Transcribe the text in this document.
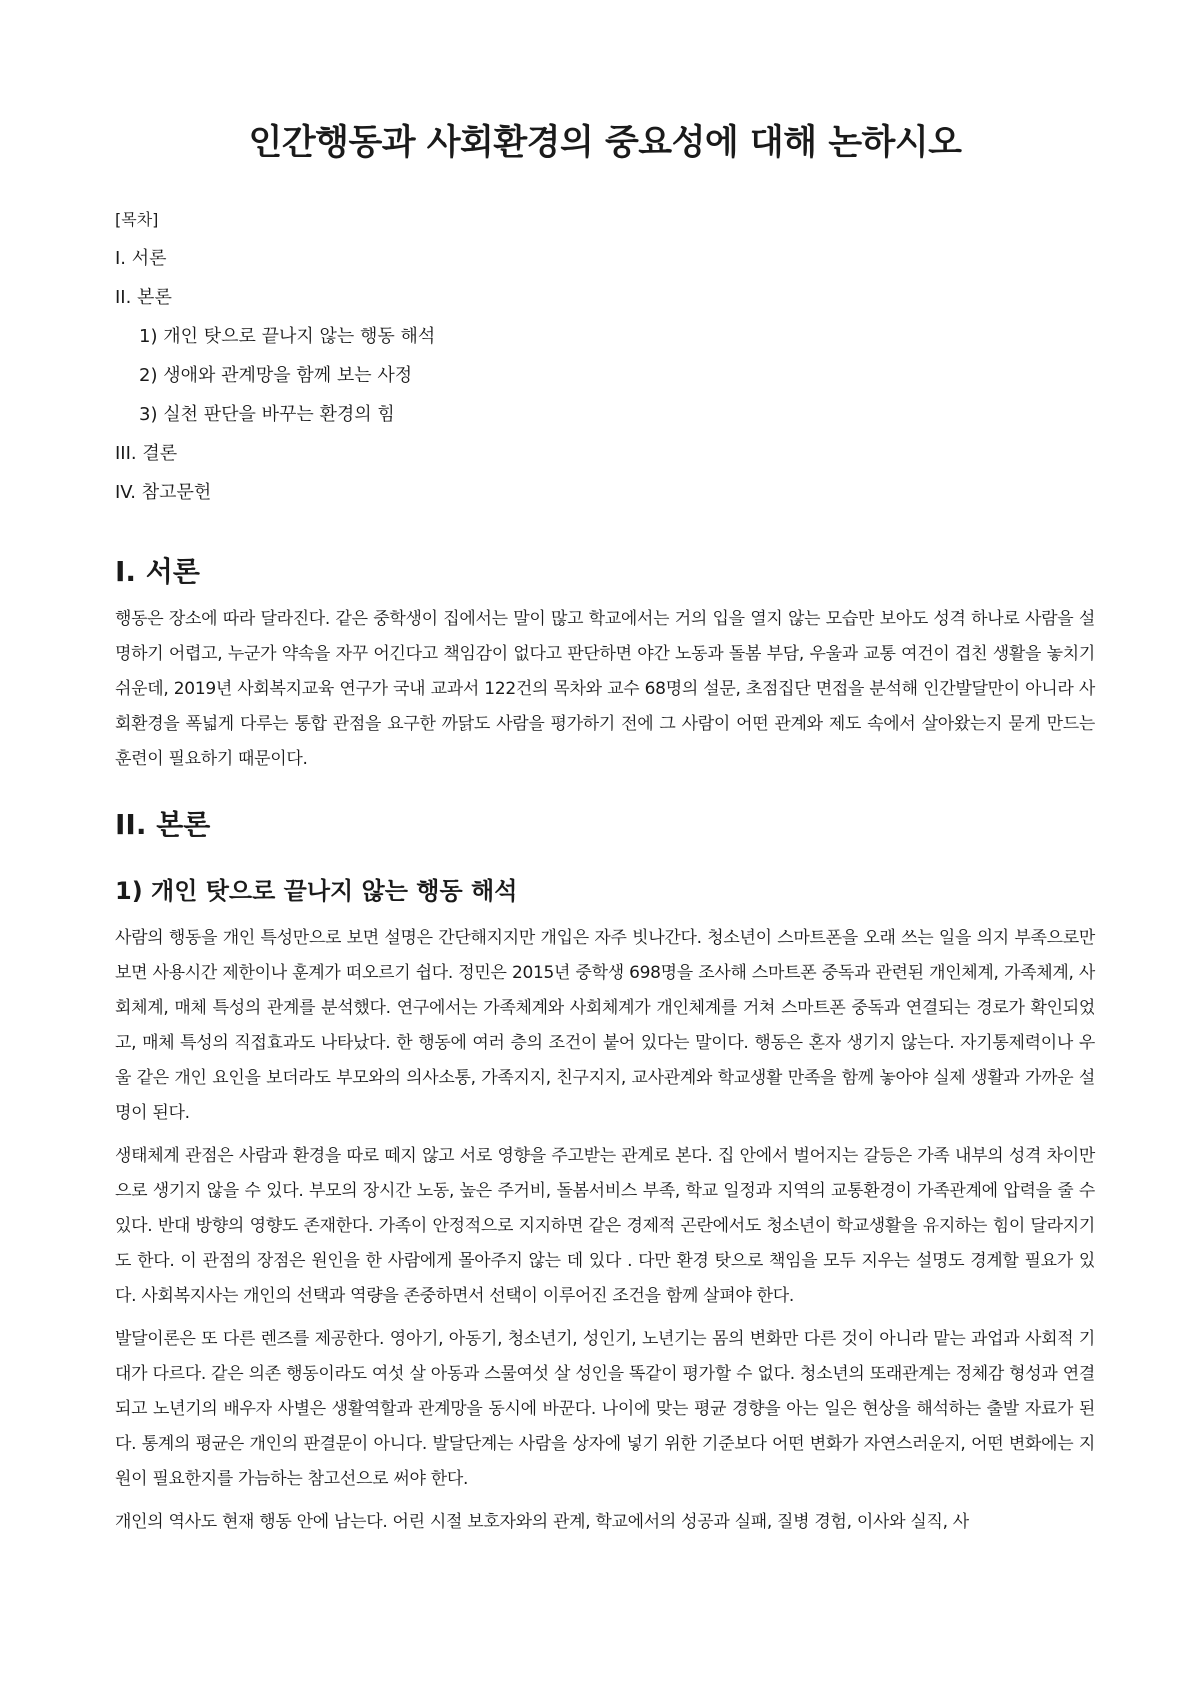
인간행동과 사회환경의 중요성에 대해 논하시오
[목차]
I. 서론
II. 본론
1) 개인 탓으로 끝나지 않는 행동 해석
2) 생애와 관계망을 함께 보는 사정
3) 실천 판단을 바꾸는 환경의 힘
III. 결론
IV. 참고문헌
I. 서론

행동은 장소에 따라 달라진다. 같은 중학생이 집에서는 말이 많고 학교에서는 거의 입을 열지 않는 모습만 보아도 성격 하나로 사람을 설명하기 어렵고, 누군가 약속을 자꾸 어긴다고 책임감이 없다고 판단하면 야간 노동과 돌봄 부담, 우울과 교통 여건이 겹친 생활을 놓치기 쉬운데, 2019년 사회복지교육 연구가 국내 교과서 122건의 목차와 교수 68명의 설문, 초점집단 면접을 분석해 인간발달만이 아니라 사회환경을 폭넓게 다루는 통합 관점을 요구한 까닭도 사람을 평가하기 전에 그 사람이 어떤 관계와 제도 속에서 살아왔는지 묻게 만드는 훈련이 필요하기 때문이다.

II. 본론
1) 개인 탓으로 끝나지 않는 행동 해석

사람의 행동을 개인 특성만으로 보면 설명은 간단해지지만 개입은 자주 빗나간다. 청소년이 스마트폰을 오래 쓰는 일을 의지 부족으로만 보면 사용시간 제한이나 훈계가 떠오르기 쉽다. 정민은 2015년 중학생 698명을 조사해 스마트폰 중독과 관련된 개인체계, 가족체계, 사회체계, 매체 특성의 관계를 분석했다. 연구에서는 가족체계와 사회체계가 개인체계를 거쳐 스마트폰 중독과 연결되는 경로가 확인되었고, 매체 특성의 직접효과도 나타났다. 한 행동에 여러 층의 조건이 붙어 있다는 말이다. 행동은 혼자 생기지 않는다. 자기통제력이나 우울 같은 개인 요인을 보더라도 부모와의 의사소통, 가족지지, 친구지지, 교사관계와 학교생활 만족을 함께 놓아야 실제 생활과 가까운 설명이 된다.

생태체계 관점은 사람과 환경을 따로 떼지 않고 서로 영향을 주고받는 관계로 본다. 집 안에서 벌어지는 갈등은 가족 내부의 성격 차이만으로 생기지 않을 수 있다. 부모의 장시간 노동, 높은 주거비, 돌봄서비스 부족, 학교 일정과 지역의 교통환경이 가족관계에 압력을 줄 수 있다. 반대 방향의 영향도 존재한다. 가족이 안정적으로 지지하면 같은 경제적 곤란에서도 청소년이 학교생활을 유지하는 힘이 달라지기도 한다. 이 관점의 장점은 원인을 한 사람에게 몰아주지 않는 데 있다 . 다만 환경 탓으로 책임을 모두 지우는 설명도 경계할 필요가 있다. 사회복지사는 개인의 선택과 역량을 존중하면서 선택이 이루어진 조건을 함께 살펴야 한다.

발달이론은 또 다른 렌즈를 제공한다. 영아기, 아동기, 청소년기, 성인기, 노년기는 몸의 변화만 다른 것이 아니라 맡는 과업과 사회적 기대가 다르다. 같은 의존 행동이라도 여섯 살 아동과 스물여섯 살 성인을 똑같이 평가할 수 없다. 청소년의 또래관계는 정체감 형성과 연결되고 노년기의 배우자 사별은 생활역할과 관계망을 동시에 바꾼다. 나이에 맞는 평균 경향을 아는 일은 현상을 해석하는 출발 자료가 된다. 통계의 평균은 개인의 판결문이 아니다. 발달단계는 사람을 상자에 넣기 위한 기준보다 어떤 변화가 자연스러운지, 어떤 변화에는 지원이 필요한지를 가늠하는 참고선으로 써야 한다.

개인의 역사도 현재 행동 안에 남는다. 어린 시절 보호자와의 관계, 학교에서의 성공과 실패, 질병 경험, 이사와 실직, 사
